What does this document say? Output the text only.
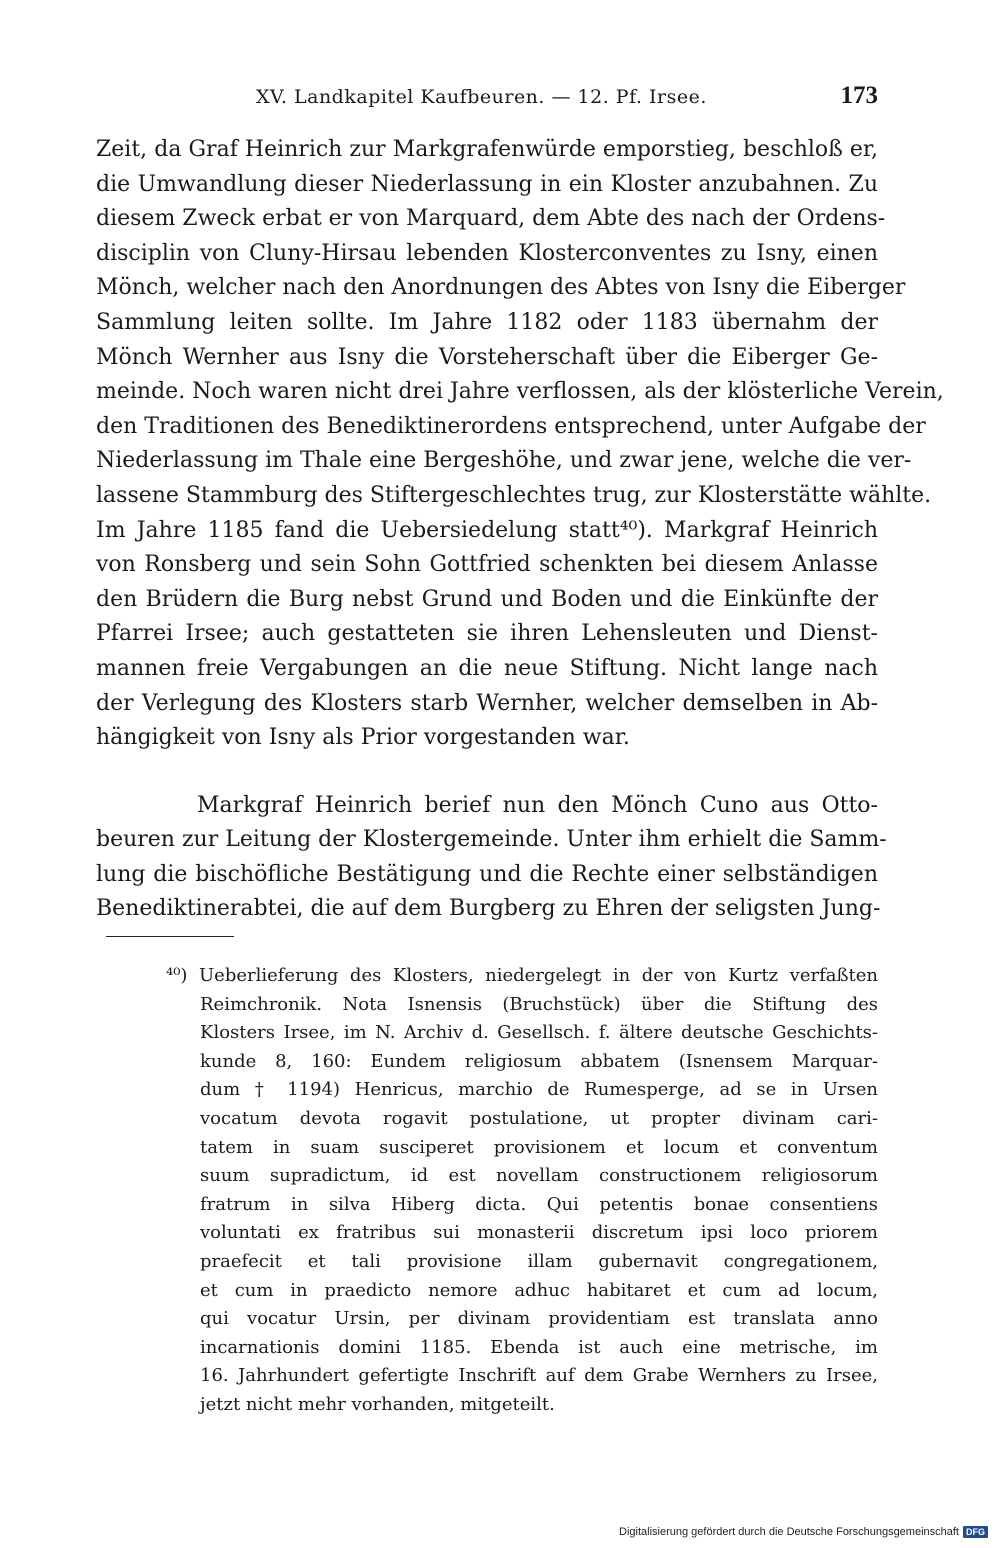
XV. Landkapitel Kaufbeuren. — 12. Pf. Irsee.	173
Zeit, da Graf Heinrich zur Markgrafenwürde emporstieg, beschloß er,
die Umwandlung dieser Niederlassung in ein Kloster anzubahnen. Zu
diesem Zweck erbat er von Marquard, dem Abte des nach der Ordens-
disciplin von Cluny-Hirsau lebenden Klosterconventes zu Isny, einen
Mönch, welcher nach den Anordnungen des Abtes von Isny die Eiberger
Sammlung leiten sollte. Im Jahre 1182 oder 1183 übernahm der
Mönch Wernher aus Isny die Vorsteherschaft über die Eiberger Ge-
meinde. Noch waren nicht drei Jahre verflossen, als der klösterliche Verein,
den Traditionen des Benediktinerordens entsprechend, unter Aufgabe der
Niederlassung im Thale eine Bergeshöhe, und zwar jene, welche die ver-
lassene Stammburg des Stiftergeschlechtes trug, zur Klosterstätte wählte.
Im Jahre 1185 fand die Uebersiedelung statt⁴⁰). Markgraf Heinrich
von Ronsberg und sein Sohn Gottfried schenkten bei diesem Anlasse
den Brüdern die Burg nebst Grund und Boden und die Einkünfte der
Pfarrei Irsee; auch gestatteten sie ihren Lehensleuten und Dienst-
mannen freie Vergabungen an die neue Stiftung. Nicht lange nach
der Verlegung des Klosters starb Wernher, welcher demselben in Ab-
hängigkeit von Isny als Prior vorgestanden war.
Markgraf Heinrich berief nun den Mönch Cuno aus Otto-
beuren zur Leitung der Klostergemeinde. Unter ihm erhielt die Samm-
lung die bischöfliche Bestätigung und die Rechte einer selbständigen
Benediktinerabtei, die auf dem Burgberg zu Ehren der seligsten Jung-
⁴⁰) Ueberlieferung des Klosters, niedergelegt in der von Kurtz verfaßten
Reimchronik. Nota Isnensis (Bruchstück) über die Stiftung des
Klosters Irsee, im N. Archiv d. Gesellsch. f. ältere deutsche Geschichts-
kunde 8, 160: Eundem religiosum abbatem (Isnensem Marquar-
dum † 1194) Henricus, marchio de Rumesperge, ad se in Ursen
vocatum devota rogavit postulatione, ut propter divinam cari-
tatem in suam susciperet provisionem et locum et conventum
suum supradictum, id est novellam constructionem religiosorum
fratrum in silva Hiberg dicta. Qui petentis bonae consentiens
voluntati ex fratribus sui monasterii discretum ipsi loco priorem
praefecit et tali provisione illam gubernavit congregationem,
et cum in praedicto nemore adhuc habitaret et cum ad locum,
qui vocatur Ursin, per divinam providentiam est translata anno
incarnationis domini 1185. Ebenda ist auch eine metrische, im
16. Jahrhundert gefertigte Inschrift auf dem Grabe Wernhers zu Irsee,
jetzt nicht mehr vorhanden, mitgeteilt.
Digitalisierung gefördert durch die Deutsche Forschungsgemeinschaft DFG
